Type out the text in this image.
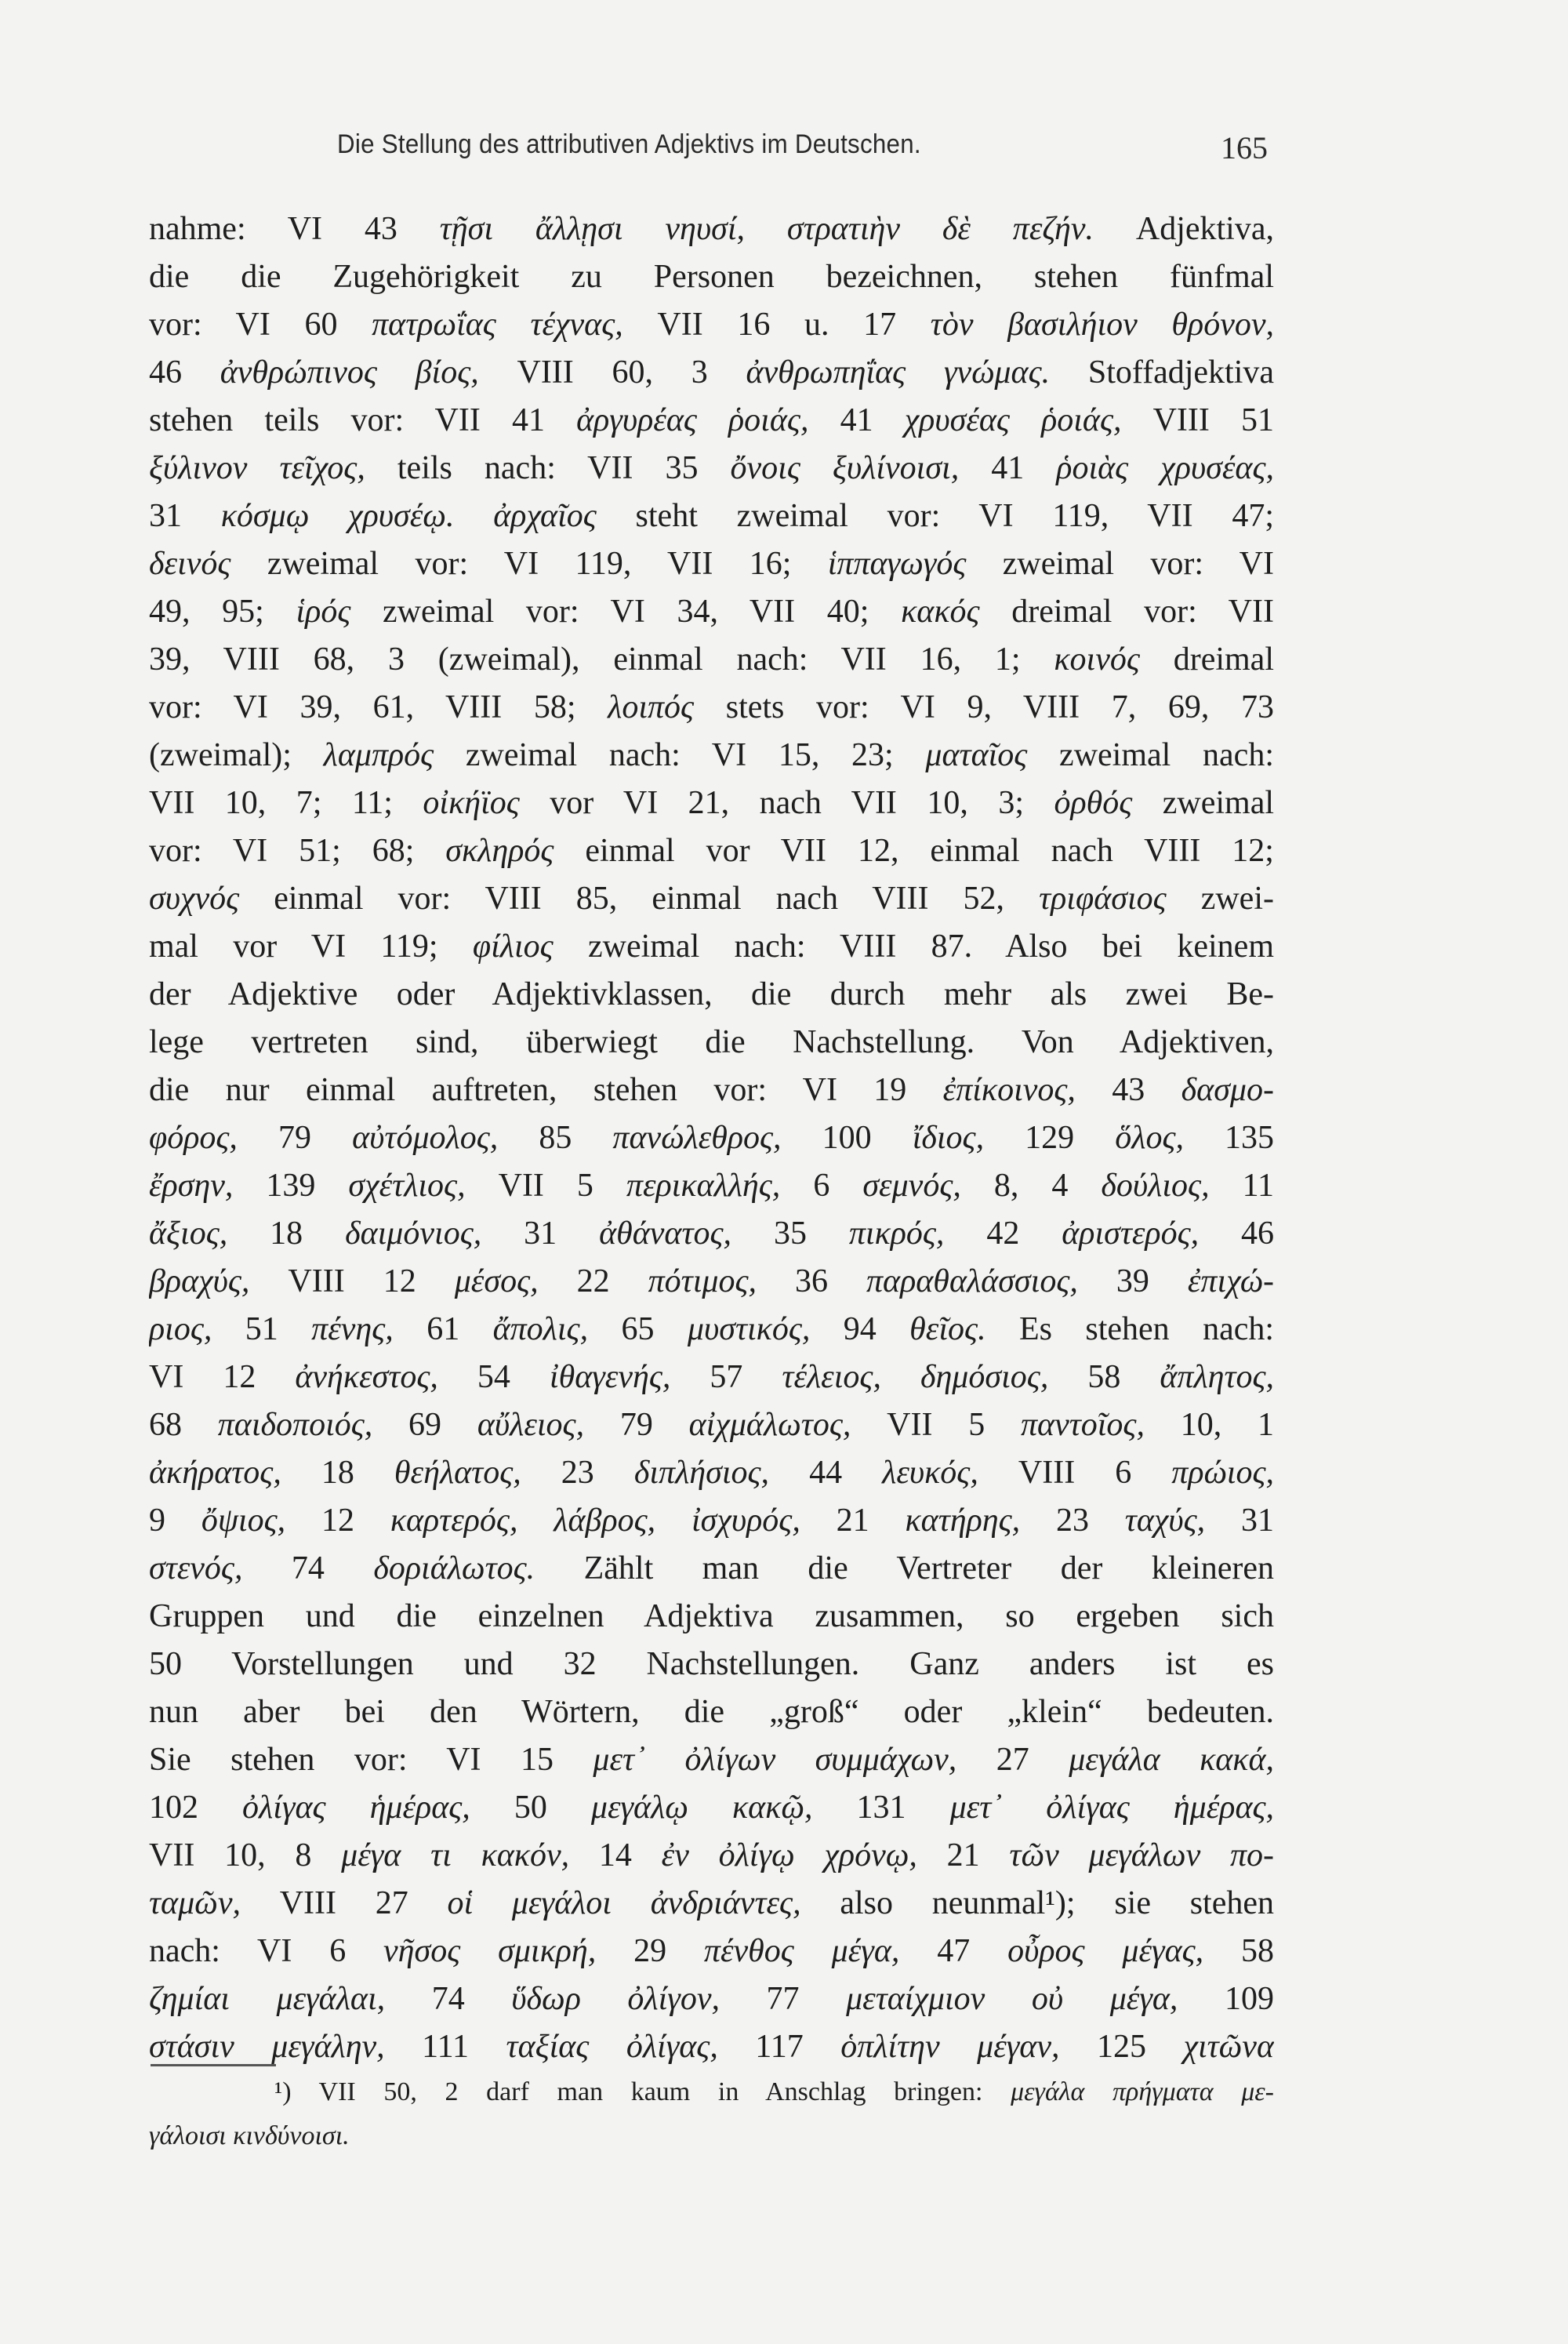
Die Stellung des attributiven Adjektivs im Deutschen.	165
nahme: VI 43 τῇσι ἄλλῃσι νηυσί, στρατιὴν δὲ πεζήν. Adjektiva,
die die Zugehörigkeit zu Personen bezeichnen, stehen fünfmal
vor: VI 60 πατρωΐας τέχνας, VII 16 u. 17 τὸν βασιλήιον θρόνον,
46 ἀνθρώπινος βίος, VIII 60, 3 ἀνθρωπηΐας γνώμας. Stoffadjektiva
stehen teils vor: VII 41 ἀργυρέας ῥοιάς, 41 χρυσέας ῥοιάς, VIII 51
ξύλινον τεῖχος, teils nach: VII 35 ὄνοις ξυλίνοισι, 41 ῥοιὰς χρυσέας,
31 κόσμῳ χρυσέῳ. ἀρχαῖος steht zweimal vor: VI 119, VII 47;
δεινός zweimal vor: VI 119, VII 16; ἱππαγωγός zweimal vor: VI
49, 95; ἱρός zweimal vor: VI 34, VII 40; κακός dreimal vor: VII
39, VIII 68, 3 (zweimal), einmal nach: VII 16, 1; κοινός dreimal
vor: VI 39, 61, VIII 58; λοιπός stets vor: VI 9, VIII 7, 69, 73
(zweimal); λαμπρός zweimal nach: VI 15, 23; ματαῖος zweimal nach:
VII 10, 7; 11; οἰκήϊος vor VI 21, nach VII 10, 3; ὀρθός zweimal
vor: VI 51; 68; σκληρός einmal vor VII 12, einmal nach VIII 12;
συχνός einmal vor: VIII 85, einmal nach VIII 52, τριφάσιος zwei-
mal vor VI 119; φίλιος zweimal nach: VIII 87. Also bei keinem
der Adjektive oder Adjektivklassen, die durch mehr als zwei Be-
lege vertreten sind, überwiegt die Nachstellung. Von Adjektiven,
die nur einmal auftreten, stehen vor: VI 19 ἐπίκοινος, 43 δασμο-
φόρος, 79 αὐτόμολος, 85 πανώλεθρος, 100 ἴδιος, 129 ὅλος, 135
ἔρσην, 139 σχέτλιος, VII 5 περικαλλής, 6 σεμνός, 8, 4 δούλιος, 11
ἄξιος, 18 δαιμόνιος, 31 ἀθάνατος, 35 πικρός, 42 ἀριστερός, 46
βραχύς, VIII 12 μέσος, 22 πότιμος, 36 παραθαλάσσιος, 39 ἐπιχώ-
ριος, 51 πένης, 61 ἄπολις, 65 μυστικός, 94 θεῖος. Es stehen nach:
VI 12 ἀνήκεστος, 54 ἰθαγενής, 57 τέλειος, δημόσιος, 58 ἄπλητος,
68 παιδοποιός, 69 αὔλειος, 79 αἰχμάλωτος, VII 5 παντοῖος, 10, 1
ἀκήρατος, 18 θεήλατος, 23 διπλήσιος, 44 λευκός, VIII 6 πρώιος,
9 ὄψιος, 12 καρτερός, λάβρος, ἰσχυρός, 21 κατήρης, 23 ταχύς, 31
στενός, 74 δοριάλωτος. Zählt man die Vertreter der kleineren
Gruppen und die einzelnen Adjektiva zusammen, so ergeben sich
50 Vorstellungen und 32 Nachstellungen. Ganz anders ist es
nun aber bei den Wörtern, die „groß“ oder „klein“ bedeuten.
Sie stehen vor: VI 15 μετ᾽ ὀλίγων συμμάχων, 27 μεγάλα κακά,
102 ὀλίγας ἡμέρας, 50 μεγάλῳ κακῷ, 131 μετ᾽ ὀλίγας ἡμέρας,
VII 10, 8 μέγα τι κακόν, 14 ἐν ὀλίγῳ χρόνῳ, 21 τῶν μεγάλων πο-
ταμῶν, VIII 27 οἱ μεγάλοι ἀνδριάντες, also neunmal¹); sie stehen
nach: VI 6 νῆσος σμικρή, 29 πένθος μέγα, 47 οὖρος μέγας, 58
ζημίαι μεγάλαι, 74 ὕδωρ ὀλίγον, 77 μεταίχμιον οὐ μέγα, 109
στάσιν μεγάλην, 111 ταξίας ὀλίγας, 117 ὁπλίτην μέγαν, 125 χιτῶνα
¹) VII 50, 2 darf man kaum in Anschlag bringen: μεγάλα πρήγματα με-
γάλοισι κινδύνοισι.
